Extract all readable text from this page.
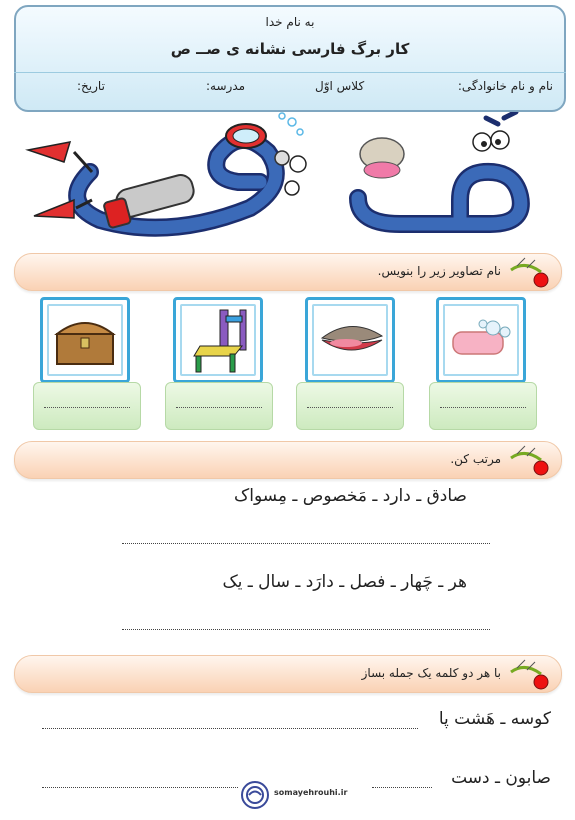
به نام خدا
کار برگ فارسی نشانه ی صــ ص
نام و نام خانوادگی:
کلاس اوّل
مدرسه:
تاریخ:
نام تصاویر زیر را بنویس.
مرتب کن.
صادق ـ دارد ـ مَخصوص ـ مِسواک
هر ـ چَهار ـ فصل ـ دارَد ـ سال ـ یک
با هر دو کلمه یک جمله بساز
کوسه ـ هَشت پا
صابون ـ دست
somayehrouhi.ir
